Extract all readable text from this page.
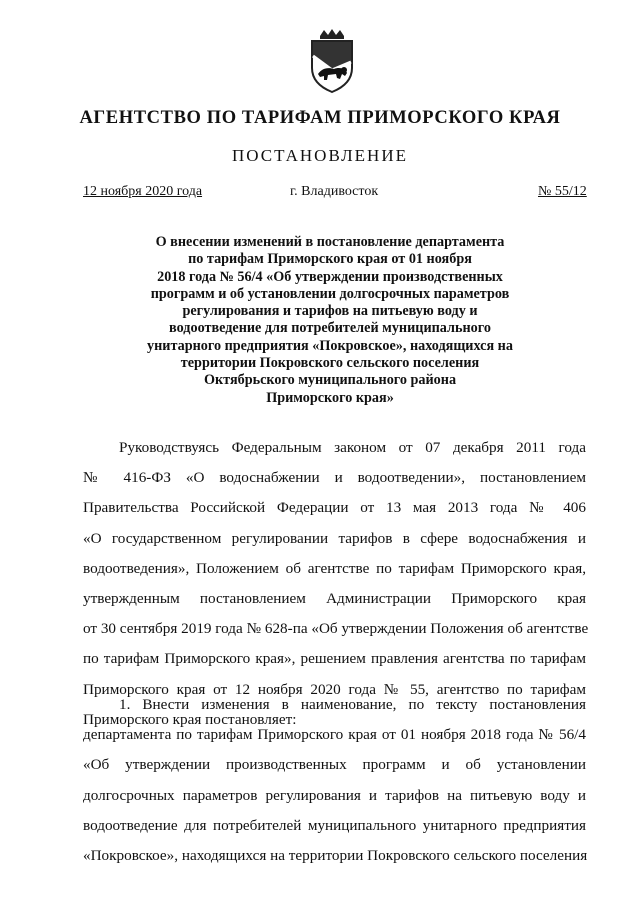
АГЕНТСТВО ПО ТАРИФАМ ПРИМОРСКОГО КРАЯ
ПОСТАНОВЛЕНИЕ
12 ноября 2020 года	г. Владивосток	№ 55/12
О внесении изменений в постановление департамента
по тарифам Приморского края от 01 ноября
2018 года № 56/4 «Об утверждении производственных
программ и об установлении долгосрочных параметров
регулирования и тарифов на питьевую воду и
водоотведение для потребителей муниципального
унитарного предприятия «Покровское», находящихся на
территории Покровского сельского поселения
Октябрьского муниципального района
Приморского края»
Руководствуясь Федеральным законом от 07 декабря 2011 года
№ 416-ФЗ «О водоснабжении и водоотведении», постановлением
Правительства Российской Федерации от 13 мая 2013 года № 406
«О государственном регулировании тарифов в сфере водоснабжения и
водоотведения», Положением об агентстве по тарифам Приморского края,
утвержденным постановлением Администрации Приморского края
от 30 сентября 2019 года № 628-па «Об утверждении Положения об агентстве
по тарифам Приморского края», решением правления агентства по тарифам
Приморского края от 12 ноября 2020 года № 55, агентство по тарифам
Приморского края постановляет:
1. Внести изменения в наименование, по тексту постановления
департамента по тарифам Приморского края от 01 ноября 2018 года № 56/4
«Об утверждении производственных программ и об установлении
долгосрочных параметров регулирования и тарифов на питьевую воду и
водоотведение для потребителей муниципального унитарного предприятия
«Покровское», находящихся на территории Покровского сельского поселения
